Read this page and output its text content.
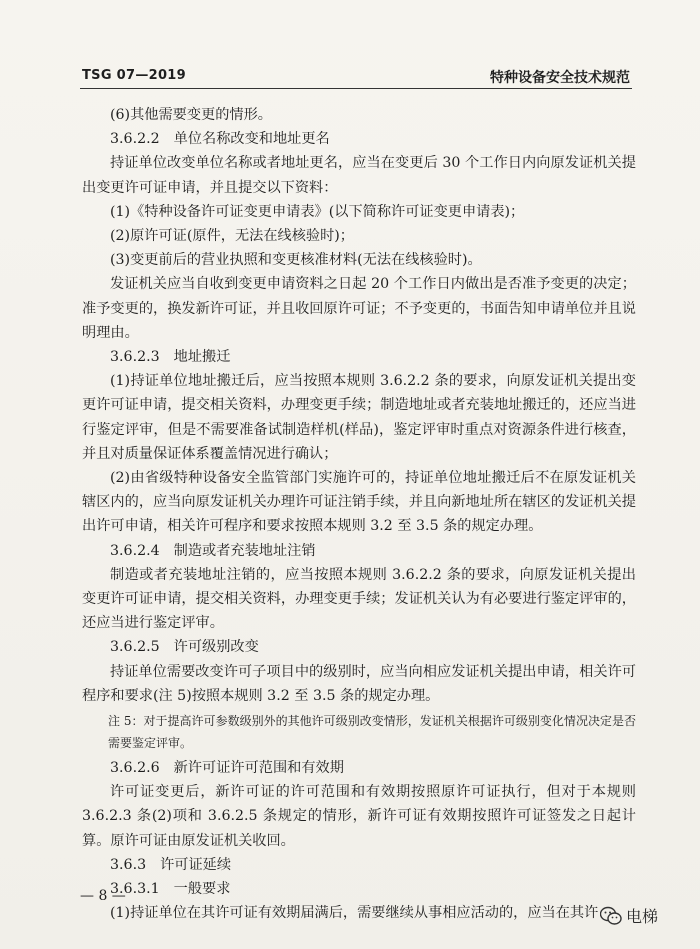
TSG 07—2019	特种设备安全技术规范
(6)其他需要变更的情形。
3.6.2.2 单位名称改变和地址更名
持证单位改变单位名称或者地址更名，应当在变更后 30 个工作日内向原发证机关提出变更许可证申请，并且提交以下资料：
(1)《特种设备许可证变更申请表》(以下简称许可证变更申请表)；
(2)原许可证(原件，无法在线核验时)；
(3)变更前后的营业执照和变更核准材料(无法在线核验时)。
发证机关应当自收到变更申请资料之日起 20 个工作日内做出是否准予变更的决定；准予变更的，换发新许可证，并且收回原许可证；不予变更的，书面告知申请单位并且说明理由。
3.6.2.3 地址搬迁
(1)持证单位地址搬迁后，应当按照本规则 3.6.2.2 条的要求，向原发证机关提出变更许可证申请，提交相关资料，办理变更手续；制造地址或者充装地址搬迁的，还应当进行鉴定评审，但是不需要准备试制造样机(样品)，鉴定评审时重点对资源条件进行核查，并且对质量保证体系覆盖情况进行确认；
(2)由省级特种设备安全监管部门实施许可的，持证单位地址搬迁后不在原发证机关辖区内的，应当向原发证机关办理许可证注销手续，并且向新地址所在辖区的发证机关提出许可申请，相关许可程序和要求按照本规则 3.2 至 3.5 条的规定办理。
3.6.2.4 制造或者充装地址注销
制造或者充装地址注销的，应当按照本规则 3.6.2.2 条的要求，向原发证机关提出变更许可证申请，提交相关资料，办理变更手续；发证机关认为有必要进行鉴定评审的，还应当进行鉴定评审。
3.6.2.5 许可级别改变
持证单位需要改变许可子项目中的级别时，应当向相应发证机关提出申请，相关许可程序和要求(注 5)按照本规则 3.2 至 3.5 条的规定办理。
注 5：对于提高许可参数级别外的其他许可级别改变情形，发证机关根据许可级别变化情况决定是否需要鉴定评审。
3.6.2.6 新许可证许可范围和有效期
许可证变更后，新许可证的许可范围和有效期按照原许可证执行，但对于本规则 3.6.2.3 条(2)项和 3.6.2.5 条规定的情形，新许可证有效期按照许可证签发之日起计算。原许可证由原发证机关收回。
3.6.3 许可证延续
3.6.3.1 一般要求
(1)持证单位在其许可证有效期届满后，需要继续从事相应活动的，应当在其许
— 8 —
电梯
